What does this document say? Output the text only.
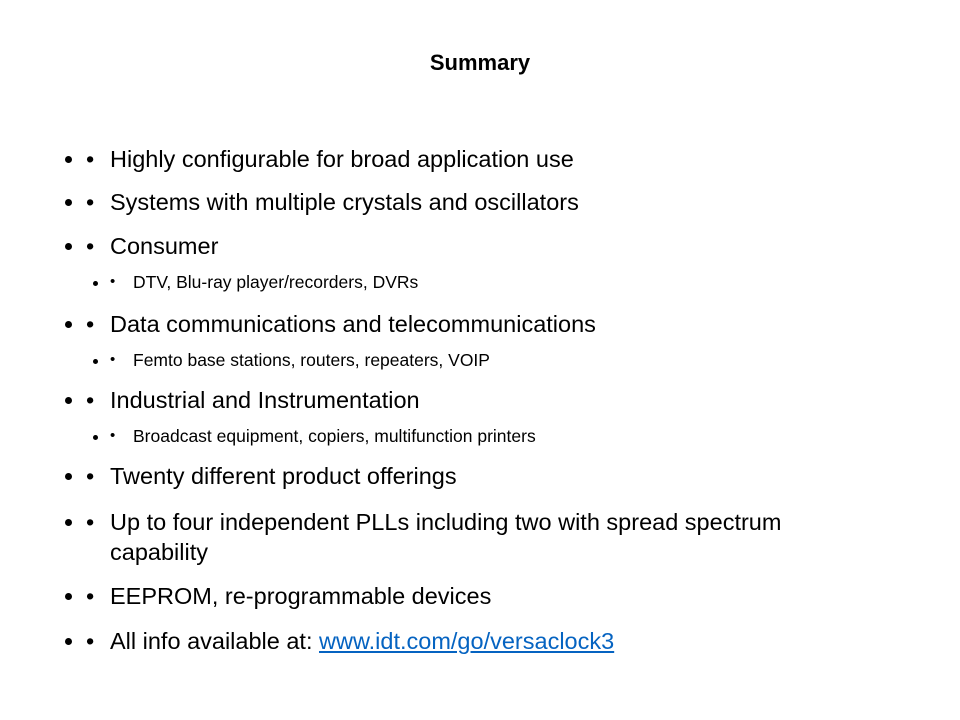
Summary
• • Highly configurable for broad application use
• • Systems with multiple crystals and oscillators
• • Consumer
• • DTV, Blu-ray player/recorders, DVRs
• • Data communications and telecommunications
• • Femto base stations, routers, repeaters, VOIP
• • Industrial and Instrumentation
• • Broadcast equipment, copiers, multifunction printers
• • Twenty different product offerings
• • Up to four independent PLLs including two with spread spectrum capability
• • EEPROM, re-programmable devices
• • All info available at: www.idt.com/go/versaclock3
